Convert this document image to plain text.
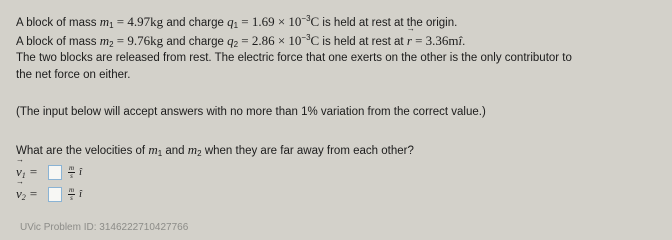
A block of mass $m_1 = 4.97kg$ and charge $q_1 = 1.69 \times 10^{-3}C$ is held at rest at the origin.
A block of mass $m_2 = 9.76kg$ and charge $q_2 = 2.86 \times 10^{-3}C$ is held at rest at → r = 3.36mî.
The two blocks are released from rest. The electric force that one exerts on the other is the only contributor to
the net force on either.
(The input below will accept answers with no more than 1% variation from the correct value.)
What are the velocities of $m_1$ and $m_2$ when they are far away from each other?
→ $v_1$ =	m
s î
→ $v_2$ =	m
s î
UVic Problem ID: 3146222710427766
